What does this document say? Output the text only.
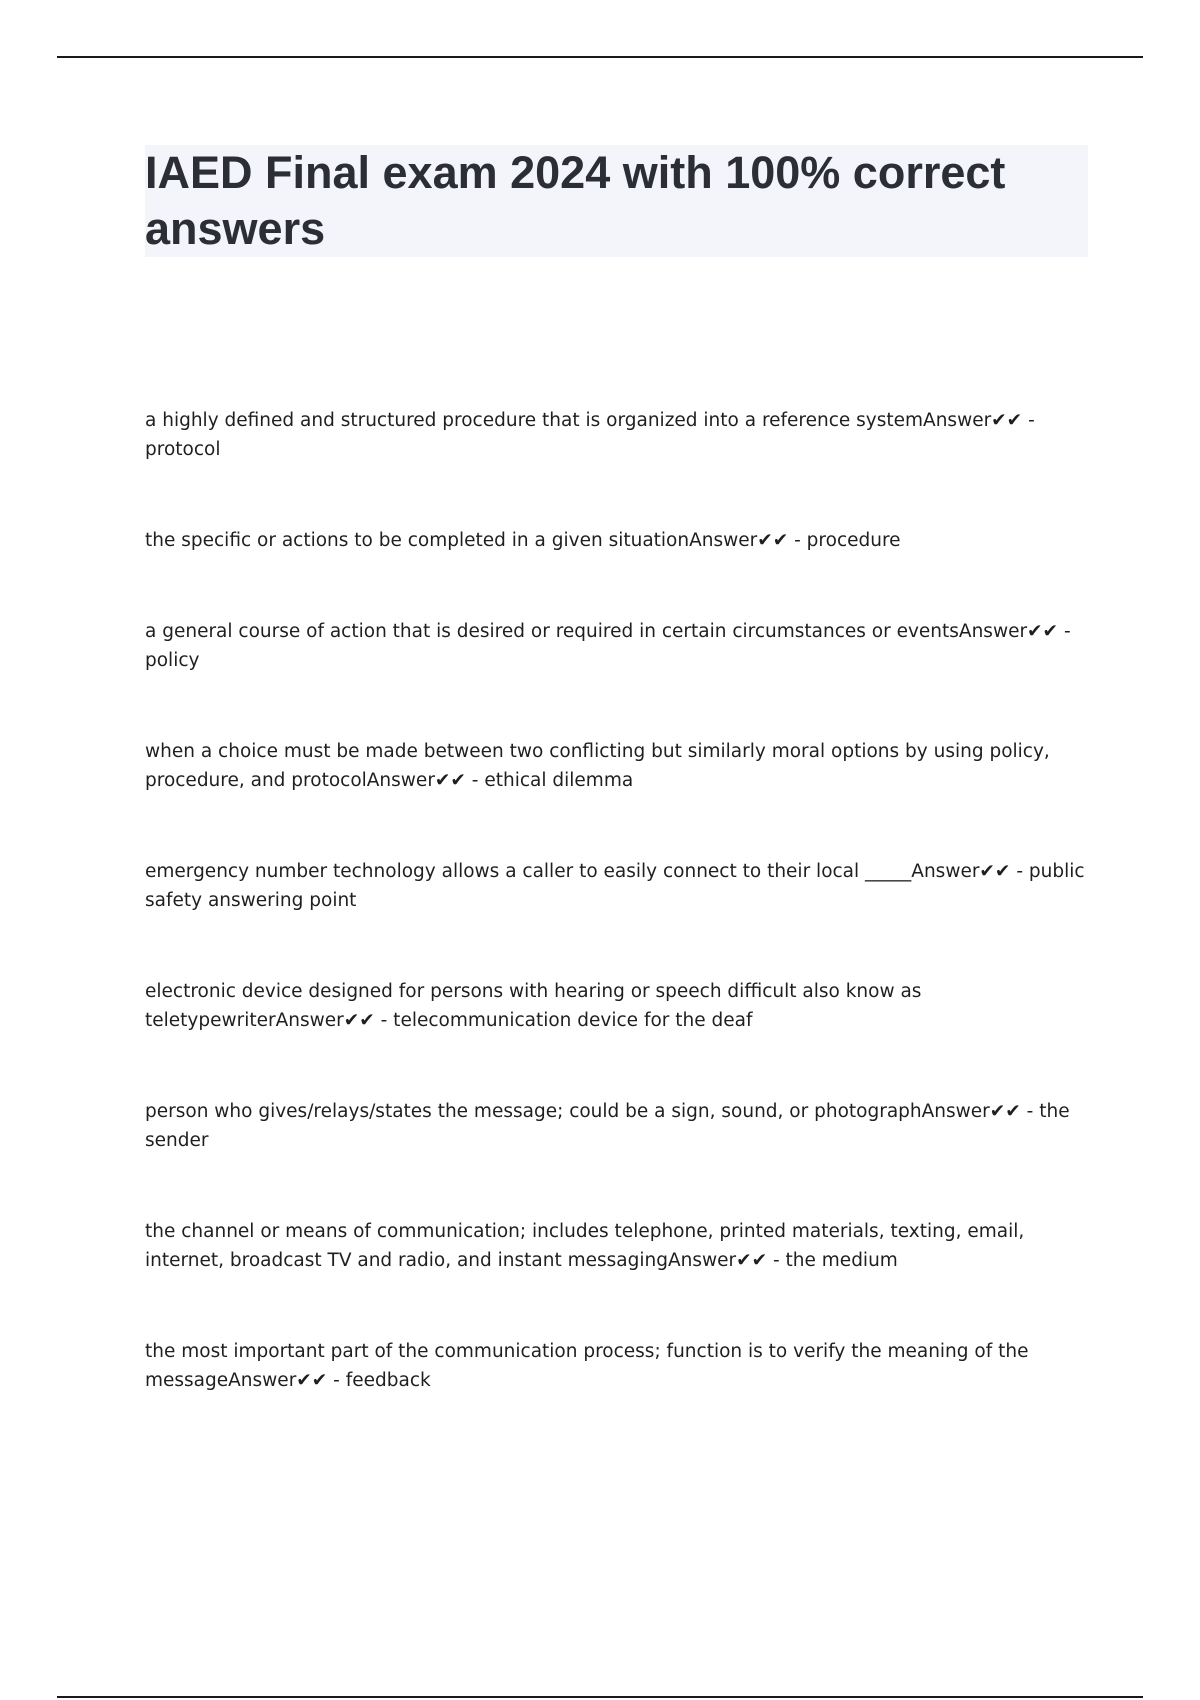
IAED Final exam 2024 with 100% correct answers
a highly defined and structured procedure that is organized into a reference systemAnswer✔✔ - protocol
the specific or actions to be completed in a given situationAnswer✔✔ - procedure
a general course of action that is desired or required in certain circumstances or eventsAnswer✔✔ - policy
when a choice must be made between two conflicting but similarly moral options by using policy, procedure, and protocolAnswer✔✔ - ethical dilemma
emergency number technology allows a caller to easily connect to their local _____Answer✔✔ - public safety answering point
electronic device designed for persons with hearing or speech difficult also know as teletypewriterAnswer✔✔ - telecommunication device for the deaf
person who gives/relays/states the message; could be a sign, sound, or photographAnswer✔✔ - the sender
the channel or means of communication; includes telephone, printed materials, texting, email, internet, broadcast TV and radio, and instant messagingAnswer✔✔ - the medium
the most important part of the communication process; function is to verify the meaning of the messageAnswer✔✔ - feedback
